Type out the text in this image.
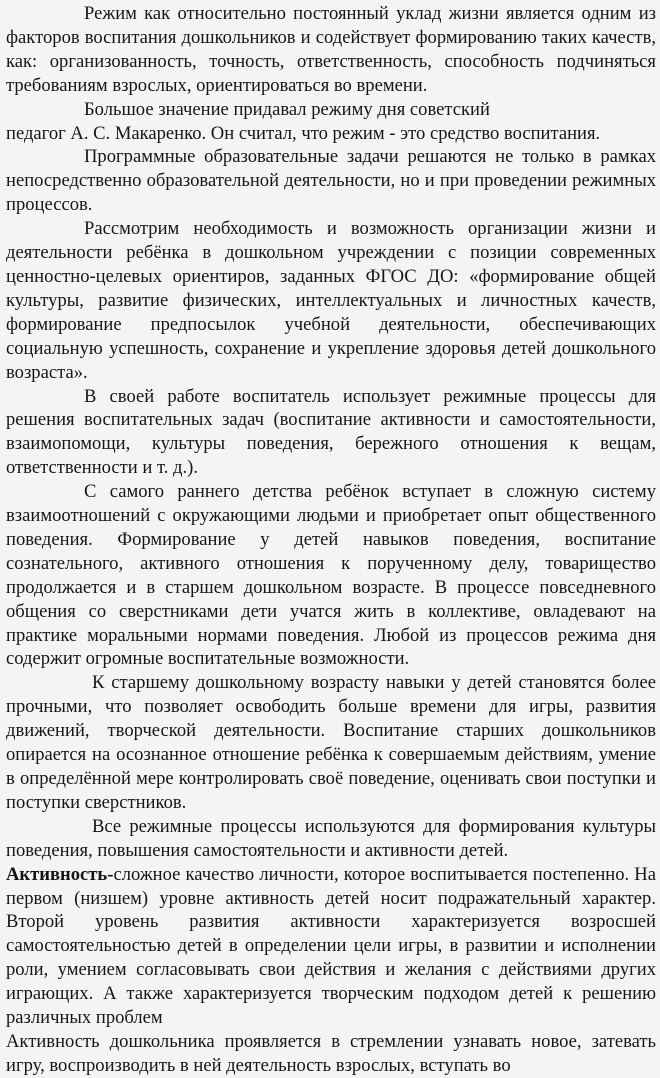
Режим как относительно постоянный уклад жизни является одним из факторов воспитания дошкольников и содействует формированию таких качеств, как: организованность, точность, ответственность, способность подчиняться требованиям взрослых, ориентироваться во времени.

Большое значение придавал режиму дня советский
педагог А. С. Макаренко. Он считал, что режим - это средство воспитания.

Программные образовательные задачи решаются не только в рамках непосредственно образовательной деятельности, но и при проведении режимных процессов.

Рассмотрим необходимость и возможность организации жизни и деятельности ребёнка в дошкольном учреждении с позиции современных ценностно-целевых ориентиров, заданных ФГОС ДО: «формирование общей культуры, развитие физических, интеллектуальных и личностных качеств, формирование предпосылок учебной деятельности, обеспечивающих социальную успешность, сохранение и укрепление здоровья детей дошкольного возраста».

В своей работе воспитатель использует режимные процессы для решения воспитательных задач (воспитание активности и самостоятельности, взаимопомощи, культуры поведения, бережного отношения к вещам, ответственности и т. д.).

С самого раннего детства ребёнок вступает в сложную систему взаимоотношений с окружающими людьми и приобретает опыт общественного поведения. Формирование у детей навыков поведения, воспитание сознательного, активного отношения к порученному делу, товарищество продолжается и в старшем дошкольном возрасте. В процессе повседневного общения со сверстниками дети учатся жить в коллективе, овладевают на практике моральными нормами поведения. Любой из процессов режима дня содержит огромные воспитательные возможности.

К старшему дошкольному возрасту навыки у детей становятся более прочными, что позволяет освободить больше времени для игры, развития движений, творческой деятельности. Воспитание старших дошкольников опирается на осознанное отношение ребёнка к совершаемым действиям, умение в определённой мере контролировать своё поведение, оценивать свои поступки и поступки сверстников.

Все режимные процессы используются для формирования культуры поведения, повышения самостоятельности и активности детей.

Активность-сложное качество личности, которое воспитывается постепенно. На первом (низшем) уровне активность детей носит подражательный характер. Второй уровень развития активности характеризуется возросшей самостоятельностью детей в определении цели игры, в развитии и исполнении роли, умением согласовывать свои действия и желания с действиями других играющих. А также характеризуется творческим подходом детей к решению различных проблем

Активность дошкольника проявляется в стремлении узнавать новое, затевать игру, воспроизводить в ней деятельность взрослых, вступать во
